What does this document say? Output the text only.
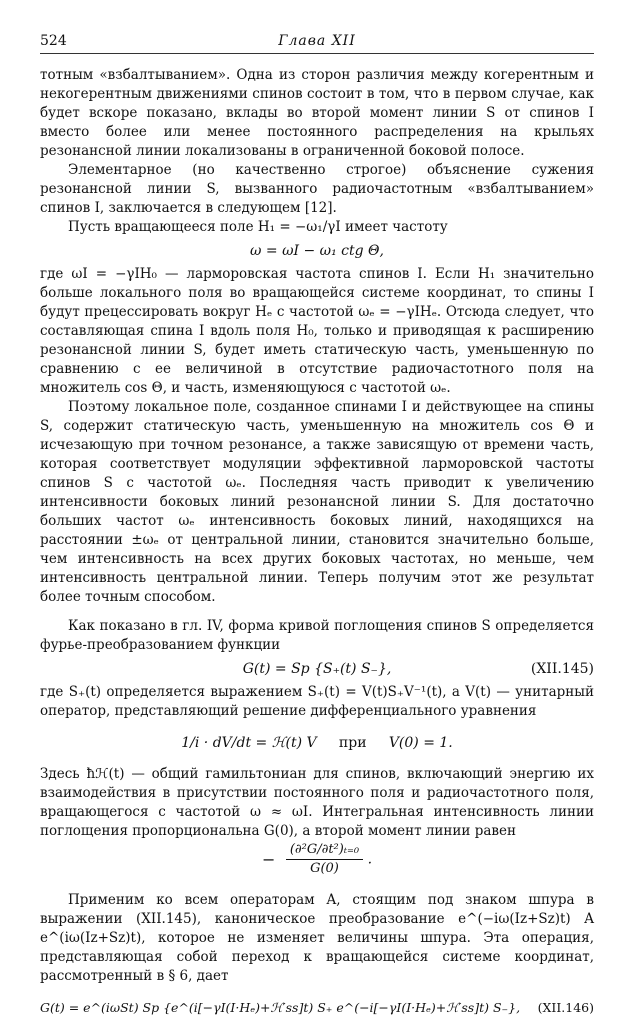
524	Глава XII

тотным «взбалтыванием». Одна из сторон различия между когерентным и некогерентным движениями спинов состоит в том, что в первом случае, как будет вскоре показано, вклады во второй момент линии S от спинов I вместо более или менее постоянного распределения на крыльях резонансной линии локализованы в ограниченной боковой полосе.

Элементарное (но качественно строгое) объяснение сужения резонансной линии S, вызванного радиочастотным «взбалтыванием» спинов I, заключается в следующем [12].

Пусть вращающееся поле H₁ = −ω₁/γI имеет частоту

ω = ωI − ω₁ ctg Θ,

где ωI = −γIH₀ — ларморовская частота спинов I. Если H₁ значительно больше локального поля во вращающейся системе координат, то спины I будут прецессировать вокруг Hₑ с частотой ωₑ = −γIHₑ. Отсюда следует, что составляющая спина I вдоль поля H₀, только и приводящая к расширению резонансной линии S, будет иметь статическую часть, уменьшенную по сравнению с ее величиной в отсутствие радиочастотного поля на множитель cos Θ, и часть, изменяющуюся с частотой ωₑ.

Поэтому локальное поле, созданное спинами I и действующее на спины S, содержит статическую часть, уменьшенную на множитель cos Θ и исчезающую при точном резонансе, а также зависящую от времени часть, которая соответствует модуляции эффективной ларморовской частоты спинов S с частотой ωₑ. Последняя часть приводит к увеличению интенсивности боковых линий резонансной линии S. Для достаточно больших частот ωₑ интенсивность боковых линий, находящихся на расстоянии ±ωₑ от центральной линии, становится значительно больше, чем интенсивность на всех других боковых частотах, но меньше, чем интенсивность центральной линии. Теперь получим этот же результат более точным способом.

Как показано в гл. IV, форма кривой поглощения спинов S определяется фурье-преобразованием функции

G(t) = Sp {S₊(t) S₋},	(XII.145)

где S₊(t) определяется выражением S₊(t) = V(t)S₊V⁻¹(t), а V(t) — унитарный оператор, представляющий решение дифференциального уравнения

1/i · dV/dt = ℋ(t) V при V(0) = 1.

Здесь ħℋ(t) — общий гамильтониан для спинов, включающий энергию их взаимодействия в присутствии постоянного поля и радиочастотного поля, вращающегося с частотой ω ≈ ωI. Интегральная интенсивность линии поглощения пропорциональна G(0), а второй момент линии равен

− $\frac{\text{(∂²G/∂t²)ₜ₌₀}}{G(0)}$ .

Применим ко всем операторам A, стоящим под знаком шпура в выражении (XII.145), каноническое преобразование e^(−iω(Iz+Sz)t) A e^(iω(Iz+Sz)t), которое не изменяет величины шпура. Эта операция, представляющая собой переход к вращающейся системе координат, рассмотренный в § 6, дает

G(t) = e^(iωSt) Sp {e^(i[−γI(I·Hₑ)+ℋ′ss]t) S₊ e^(−i[−γI(I·Hₑ)+ℋ′ss]t) S₋}, (XII.146)
